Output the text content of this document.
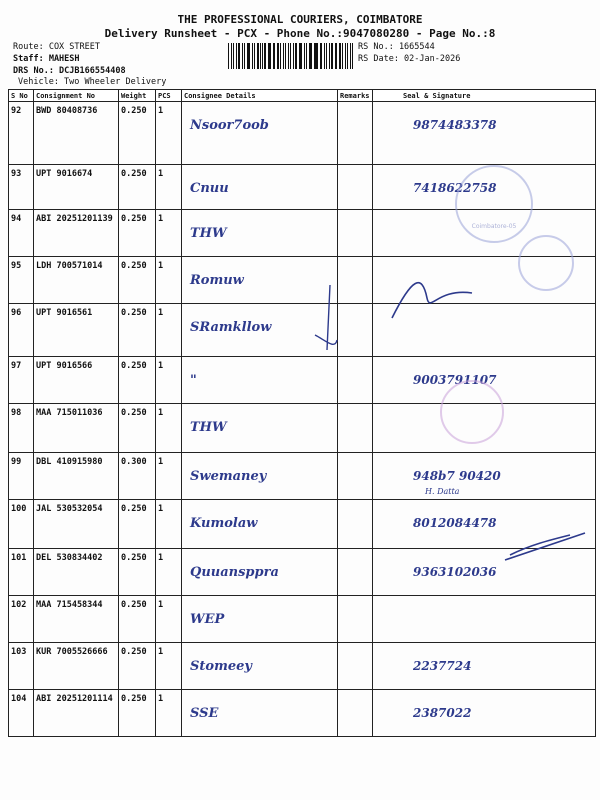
THE PROFESSIONAL COURIERS, COIMBATORE
Delivery Runsheet - PCX - Phone No.:9047080280 - Page No.:8
Route: COX STREET
Staff: MAHESH
DRS No.: DCJB166554408
Vehicle: Two Wheeler Delivery
RS No.: 1665544
RS Date: 02-Jan-2026
S No	Consignment No	Weight	PCS	Consignee Details	Remarks	Seal & Signature
92	BWD 80408736	0.250	1	Nsoor7oob		9874483378

93	UPT 9016674	0.250	1	Cnuu		7418622758

94	ABI 20251201139	0.250	1	THW		

95	LDH 700571014	0.250	1	Romuw		

96	UPT 9016561	0.250	1	SRamkllow		

97	UPT 9016566	0.250	1	"		9003791107

98	MAA 715011036	0.250	1	THW		

99	DBL 410915980	0.300	1	Swemaney		948b7 90420

100	JAL 530532054	0.250	1	Kumolaw		8012084478

101	DEL 530834402	0.250	1	Quuansppra		9363102036

102	MAA 715458344	0.250	1	WEP		

103	KUR 7005526666	0.250	1	Stomeey		2237724

104	ABI 20251201114	0.250	1	SSE		2387022
Coimbatore-05
H. Datta
